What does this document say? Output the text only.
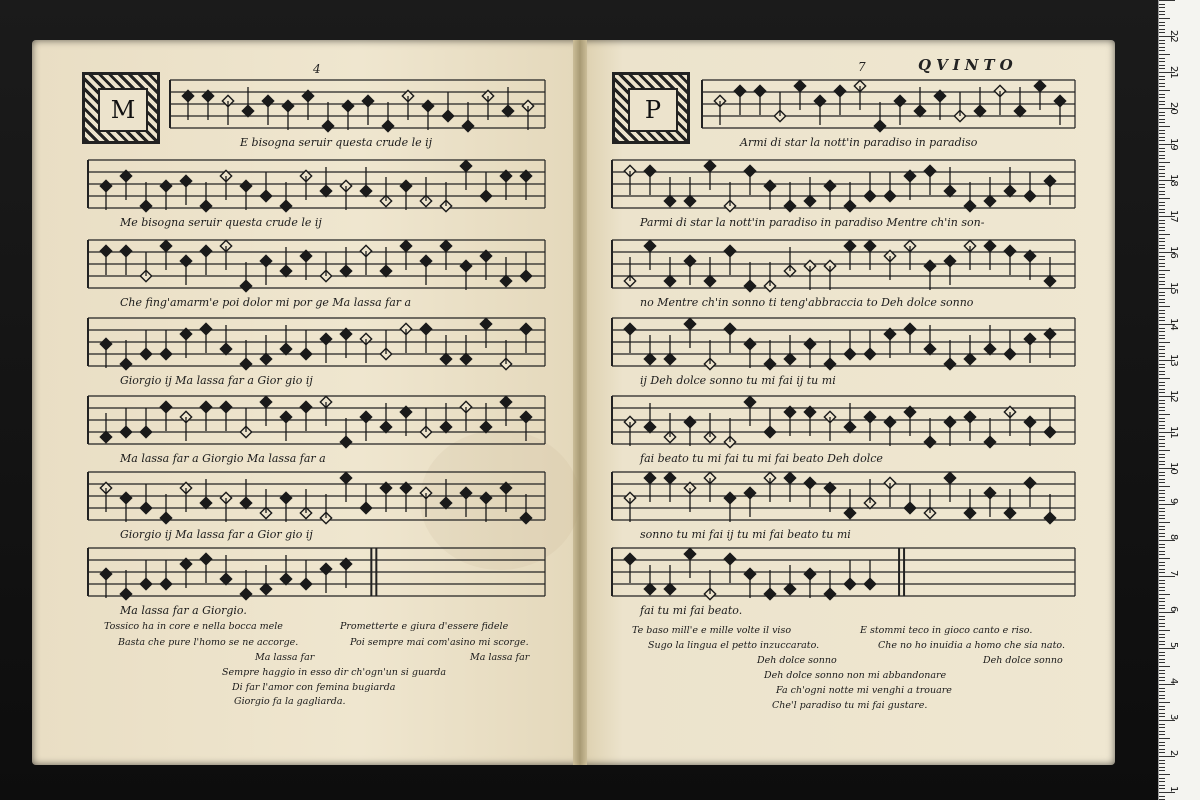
4	7	QVINTO
M	P
E bisogna seruir questa crude le ij
Me bisogna seruir questa crude le ij
Che fing'amarm'e poi dolor mi por ge Ma lassa far a
Giorgio ij Ma lassa far a Gior gio ij
Ma lassa far a Giorgio Ma lassa far a
Giorgio ij Ma lassa far a Gior gio ij
Ma lassa far a Giorgio.
Armi di star la nott'in paradiso in paradiso
Parmi di star la nott'in paradiso in paradiso Mentre ch'in son-
no Mentre ch'in sonno ti teng'abbraccia to Deh dolce sonno
ij Deh dolce sonno tu mi fai ij tu mi
fai beato tu mi fai tu mi fai beato Deh dolce
sonno tu mi fai ij tu mi fai beato tu mi
fai tu mi fai beato.
Tossico ha in core e nella bocca mele
Basta che pure l'homo se ne accorge.
Prometterte e giura d'essere fidele
Poi sempre mai com'asino mi scorge.
Ma lassa far	Ma lassa far
Sempre haggio in esso dir ch'ogn'un si guarda
Di far l'amor con femina bugiarda
Giorgio fa la gagliarda.
Te baso mill'e e mille volte il viso
Sugo la lingua el petto inzuccarato.
E stommi teco in gioco canto e riso.
Che no ho inuidia a homo che sia nato.
Deh dolce sonno	Deh dolce sonno
Deh dolce sonno non mi abbandonare
Fa ch'ogni notte mi venghi a trouare
Che'l paradiso tu mi fai gustare.
22
21
20
19
18
17
16
15
14
13
12
11
10
9
8
7
6
5
4
3
2
1
